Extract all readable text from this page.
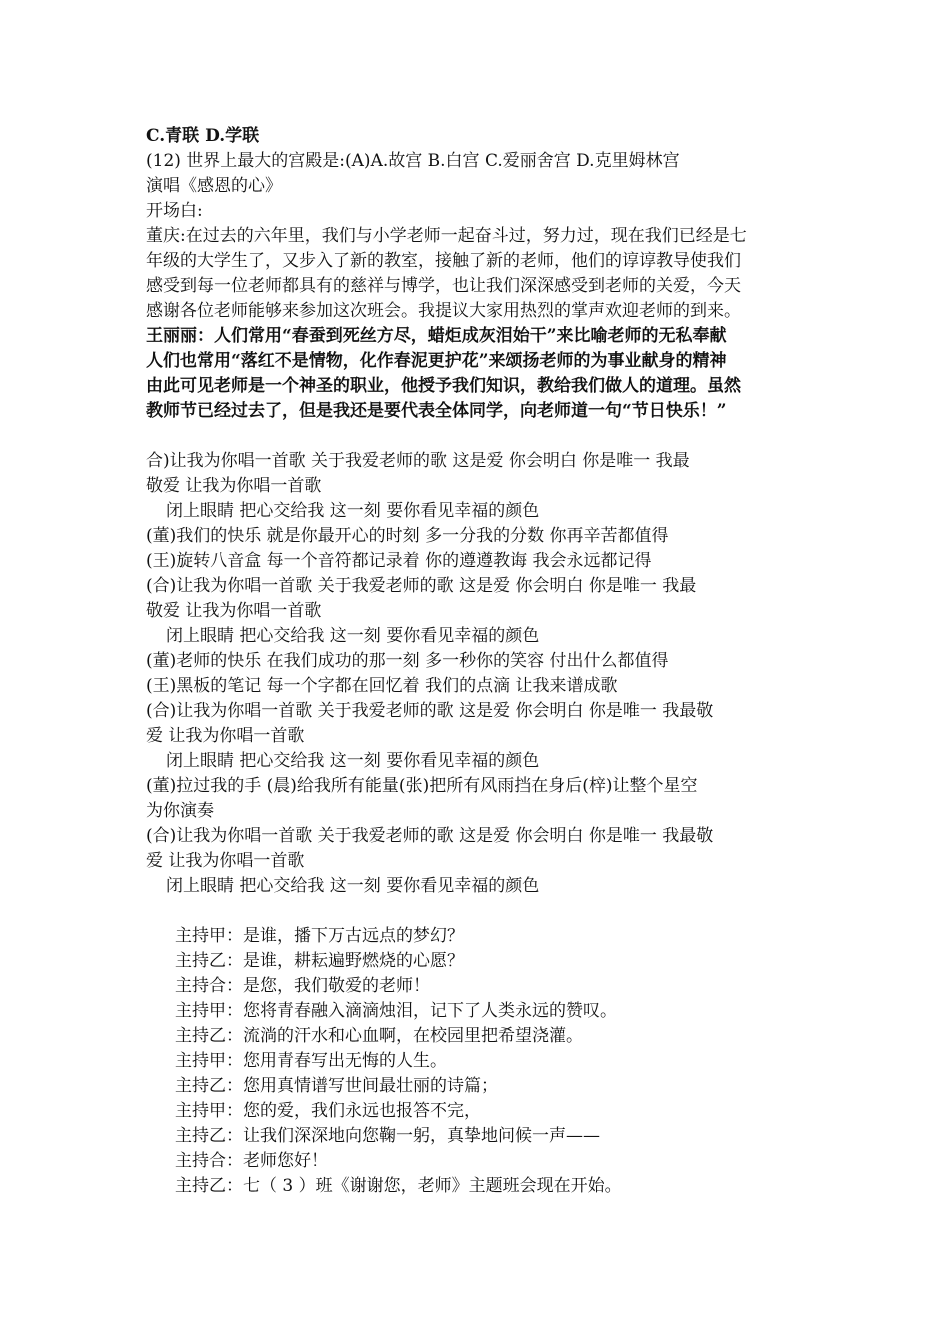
C.青联 D.学联
(12) 世界上最大的宫殿是:(A)A.故宫 B.白宫 C.爱丽舍宫 D.克里姆林宫
演唱《感恩的心》
开场白:
董庆:在过去的六年里，我们与小学老师一起奋斗过，努力过，现在我们已经是七
年级的大学生了，又步入了新的教室，接触了新的老师，他们的谆谆教导使我们
感受到每一位老师都具有的慈祥与博学，也让我们深深感受到老师的关爱，今天
感谢各位老师能够来参加这次班会。我提议大家用热烈的掌声欢迎老师的到来。
王丽丽：人们常用“春蚕到死丝方尽，蜡炬成灰泪始干”来比喻老师的无私奉献
人们也常用“落红不是情物，化作春泥更护花”来颂扬老师的为事业献身的精神
由此可见老师是一个神圣的职业，他授予我们知识，教给我们做人的道理。虽然
教师节已经过去了，但是我还是要代表全体同学，向老师道一句“节日快乐！”
合)让我为你唱一首歌 关于我爱老师的歌 这是爱 你会明白 你是唯一 我最
敬爱 让我为你唱一首歌
闭上眼睛 把心交给我 这一刻 要你看见幸福的颜色
(董)我们的快乐 就是你最开心的时刻 多一分我的分数 你再辛苦都值得
(王)旋转八音盒 每一个音符都记录着 你的遵遵教诲 我会永远都记得
(合)让我为你唱一首歌 关于我爱老师的歌 这是爱 你会明白 你是唯一 我最
敬爱 让我为你唱一首歌
闭上眼睛 把心交给我 这一刻 要你看见幸福的颜色
(董)老师的快乐 在我们成功的那一刻 多一秒你的笑容 付出什么都值得
(王)黑板的笔记 每一个字都在回忆着 我们的点滴 让我来谱成歌
(合)让我为你唱一首歌 关于我爱老师的歌 这是爱 你会明白 你是唯一 我最敬
爱 让我为你唱一首歌
闭上眼睛 把心交给我 这一刻 要你看见幸福的颜色
(董)拉过我的手 (晨)给我所有能量(张)把所有风雨挡在身后(梓)让整个星空
为你演奏
(合)让我为你唱一首歌 关于我爱老师的歌 这是爱 你会明白 你是唯一 我最敬
爱 让我为你唱一首歌
闭上眼睛 把心交给我 这一刻 要你看见幸福的颜色
主持甲：是谁，播下万古远点的梦幻？
主持乙：是谁，耕耘遍野燃烧的心愿？
主持合：是您，我们敬爱的老师！
主持甲：您将青春融入滴滴烛泪，记下了人类永远的赞叹。
主持乙：流淌的汗水和心血啊，在校园里把希望浇灌。
主持甲：您用青春写出无悔的人生。
主持乙：您用真情谱写世间最壮丽的诗篇；
主持甲：您的爱，我们永远也报答不完，
主持乙：让我们深深地向您鞠一躬，真挚地问候一声——
主持合：老师您好！
主持乙：七（ 3 ）班《谢谢您，老师》主题班会现在开始。
